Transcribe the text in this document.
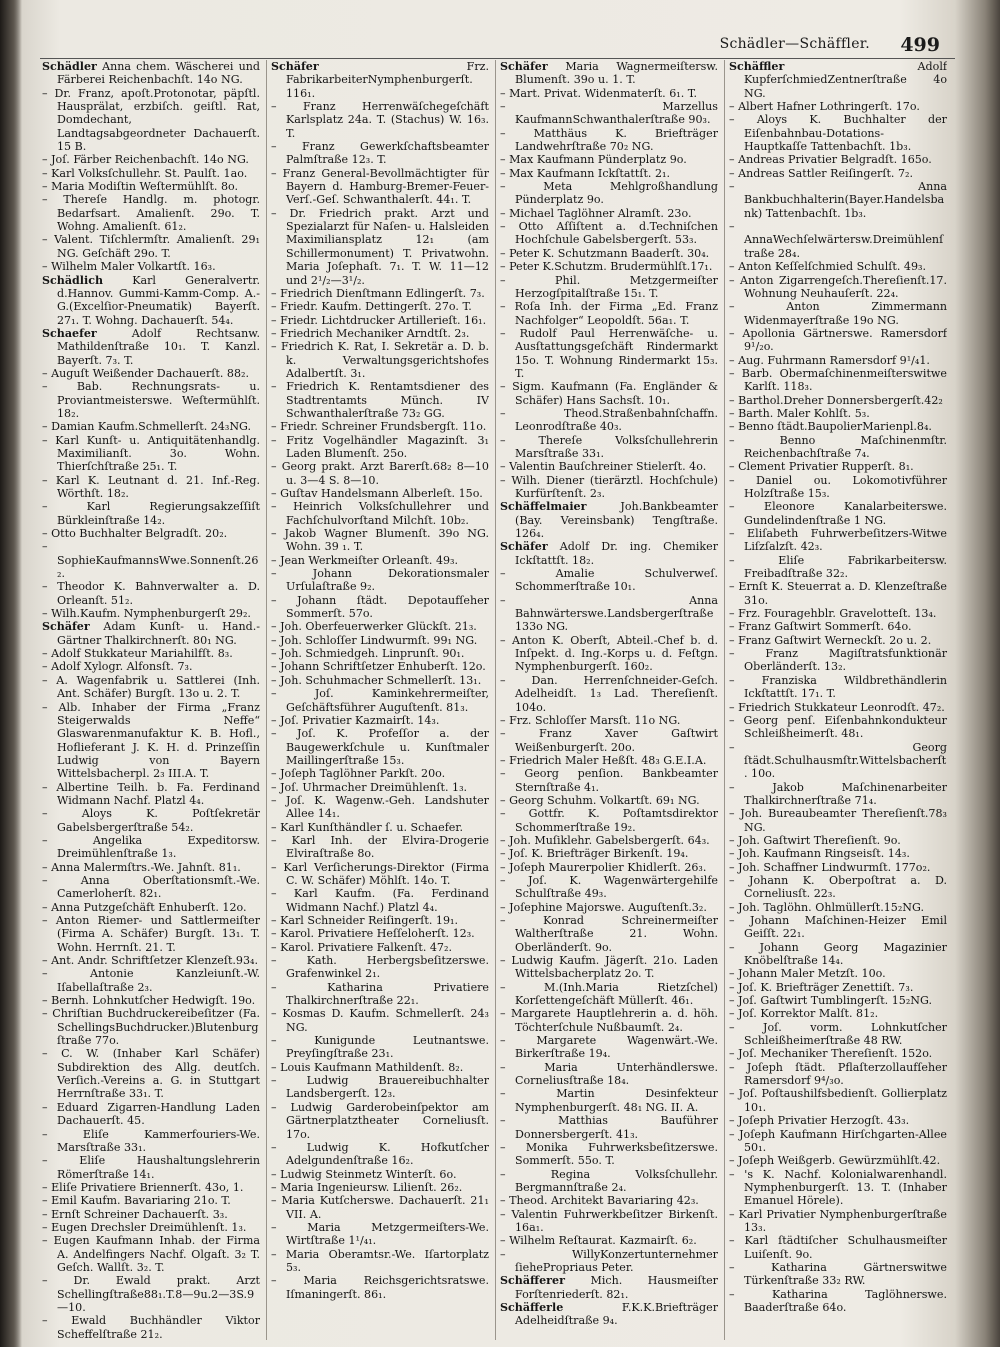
Schädler—Schäffler. 499
Schädler Anna chem. Wäscherei und Färberei Reichenbachſt. 14o NG.
– Dr. Franz, apoſt.Protonotar, päpſtl. Hausprälat, erzbiſch. geiſtl. Rat, Domdechant, Landtagsabgeordneter Dachauerſt. 15 B.
– Joſ. Färber Reichenbachſt. 14o NG.
– Karl Volksſchullehr. St. Paulſt. 1ao.
– Maria Modiſtin Weſtermühlſt. 8o.
– Thereſe Handlg. m. photogr. Bedarfsart. Amalienſt. 29o. T. Wohng. Amalienſt. 61₂.
– Valent. Tiſchlermſtr. Amalienſt. 29₁ NG. Geſchäft 29o. T.
– Wilhelm Maler Volkartſt. 16₃.
Schädlich Karl Generalvertr. d.Hannov. Gummi-Kamm-Comp. A.-G.(Excelſior-Pneumatik) Bayerſt. 27₁. T. Wohng. Dachauerſt. 54₄.
Schaefer Adolf Rechtsanw. Mathildenſtraße 10₁. T. Kanzl. Bayerſt. 7₃. T.
– Auguſt Weißender Dachauerſt. 88₂.
– Bab. Rechnungsrats- u. Proviantmeisterswe. Weſtermühlſt. 18₂.
– Damian Kaufm.Schmellerſt. 24₃NG.
– Karl Kunſt- u. Antiquitätenhandlg. Maximilianſt. 3o. Wohn. Thierſchſtraße 25₁. T.
– Karl K. Leutnant d. 21. Inf.-Reg. Wörthſt. 18₂.
– Karl Regierungsakzeſſiſt Bürkleinſtraße 14₂.
– Otto Buchhalter Belgradſt. 20₂.
– SophieKaufmannsWwe.Sonnenſt.26₂.
– Theodor K. Bahnverwalter a. D. Orleanſt. 51₂.
– Wilh.Kaufm. Nymphenburgerſt 29₂.
Schäfer Adam Kunſt- u. Hand.-Gärtner Thalkirchnerſt. 80₁ NG.
– Adolf Stukkateur Mariahilfſt. 8₃.
– Adolf Xylogr. Alfonsſt. 7₃.
– A. Wagenfabrik u. Sattlerei (Inh. Ant. Schäfer) Burgſt. 13o u. 2. T.
– Alb. Inhaber der Firma „Franz Steigerwalds Neffe“ Glaswarenmanufaktur K. B. Hofl., Hoflieferant J. K. H. d. Prinzeſſin Ludwig von Bayern Wittelsbacherpl. 2₃ III.A. T.
– Albertine Teilh. b. Fa. Ferdinand Widmann Nachf. Platzl 4₄.
– Aloys K. Poſtſekretär Gabelsbergerſtraße 54₂.
– Angelika Expeditorsw. Dreimühlenſtraße 1₃.
– Anna Malermſtrs.-We. Jahnſt. 81₁.
– Anna Oberſtationsmſt.-We. Camerloherſt. 82₁.
– Anna Putzgeſchäft Enhuberſt. 12o.
– Anton Riemer- und Sattlermeiſter (Firma A. Schäfer) Burgſt. 13₁. T. Wohn. Herrnſt. 21. T.
– Ant. Andr. Schriftſetzer Klenzeſt.93₄.
– Antonie Kanzleiunſt.-W. Iſabellaſtraße 2₃.
– Bernh. Lohnkutſcher Hedwigſt. 19o.
– Chriſtian Buchdruckereibeſitzer (Fa. SchellingsBuchdrucker.)Blutenburgſtraße 77o.
– C. W. (Inhaber Karl Schäfer) Subdirektion des Allg. deutſch. Verſich.-Vereins a. G. in Stuttgart Herrnſtraße 33₁. T.
– Eduard Zigarren-Handlung Laden Dachauerſt. 45.
– Eliſe Kammerfouriers-We. Marsſtraße 33₁.
– Eliſe Haushaltungslehrerin Römerſtraße 14₁.
– Eliſe Privatiere Briennerſt. 43o, 1.
– Emil Kaufm. Bavariaring 21o. T.
– Ernſt Schreiner Dachauerſt. 3₃.
– Eugen Drechsler Dreimühlenſt. 1₃.
– Eugen Kaufmann Inhab. der Firma A. Andelfingers Nachf. Olgaſt. 3₂ T. Geſch. Wallſt. 3₂. T.
– Dr. Ewald prakt. Arzt Schellingſtraße88₁.T.8—9u.2—3S.9—10.
– Ewald Buchhändler Viktor Scheffelſtraße 21₂.
Schäfer Frz. FabrikarbeiterNymphenburgerſt. 116₁.
– Franz Herrenwäſchegeſchäft Karlsplatz 24a. T. (Stachus) W. 16₃. T.
– Franz Gewerkſchaftsbeamter Palmſtraße 12₃. T.
– Franz General-Bevollmächtigter für Bayern d. Hamburg-Bremer-Feuer-Verſ.-Geſ. Schwanthalerſt. 44₁. T.
– Dr. Friedrich prakt. Arzt und Spezialarzt für Naſen- u. Halsleiden Maximiliansplatz 12₁ (am Schillermonument) T. Privatwohn. Maria Joſephaſt. 7₁. T. W. 11—12 und 2¹/₂—3¹/₂.
– Friedrich Dienſtmann Edlingerſt. 7₃.
– Friedr. Kaufm. Dettingerſt. 27o. T.
– Friedr. Lichtdrucker Artillerieſt. 16₁.
– Friedrich Mechaniker Arndtſt. 2₃.
– Friedrich K. Rat, I. Sekretär a. D. b. k. Verwaltungsgerichtshofes Adalbertſt. 3₁.
– Friedrich K. Rentamtsdiener des Stadtrentamts Münch. IV Schwanthalerſtraße 73₂ GG.
– Friedr. Schreiner Frundsbergſt. 11o.
– Fritz Vogelhändler Magazinſt. 3₁ Laden Blumenſt. 25o.
– Georg prakt. Arzt Barerſt.68₂ 8—10 u. 3—4 S. 8—10.
– Guſtav Handelsmann Alberleſt. 15o.
– Heinrich Volksſchullehrer und Fachſchulvorſtand Milchſt. 10b₂.
– Jakob Wagner Blumenſt. 39o NG. Wohn. 39 ₁. T.
– Jean Werkmeiſter Orleanſt. 49₃.
– Johann Dekorationsmaler Urſulaſtraße 9₂.
– Johann ſtädt. Depotaufſeher Sommerſt. 57o.
– Joh. Oberfeuerwerker Glückſt. 21₃.
– Joh. Schloſſer Lindwurmſt. 99₁ NG.
– Joh. Schmiedgeh. Linprunſt. 90₁.
– Johann Schriftſetzer Enhuberſt. 12o.
– Joh. Schuhmacher Schmellerſt. 13₁.
– Joſ. Kaminkehrermeiſter, Geſchäftsführer Auguſtenſt. 81₃.
– Joſ. Privatier Kazmairſt. 14₃.
– Joſ. K. Profeſſor a. der Baugewerkſchule u. Kunſtmaler Maillingerſtraße 15₃.
– Joſeph Taglöhner Parkſt. 20o.
– Joſ. Uhrmacher Dreimühlenſt. 1₃.
– Joſ. K. Wagenw.-Geh. Landshuter Allee 14₁.
– Karl Kunſthändler ſ. u. Schaefer.
– Karl Inh. der Elvira-Drogerie Elviraſtraße 8o.
– Karl Verſicherungs-Direktor (Firma C. W. Schäfer) Möhlſt. 14o. T.
– Karl Kaufm. (Fa. Ferdinand Widmann Nachf.) Platzl 4₄.
– Karl Schneider Reiſingerſt. 19₁.
– Karol. Privatiere Heſſeloherſt. 12₃.
– Karol. Privatiere Falkenſt. 47₂.
– Kath. Herbergsbeſitzerswe. Grafenwinkel 2₁.
– Katharina Privatiere Thalkirchnerſtraße 22₁.
– Kosmas D. Kaufm. Schmellerſt. 24₃ NG.
– Kunigunde Leutnantswe. Preyſingſtraße 23₁.
– Louis Kaufmann Mathildenſt. 8₂.
– Ludwig Brauereibuchhalter Landsbergerſt. 12₃.
– Ludwig Garderobeinſpektor am Gärtnerplatztheater Corneliusſt. 17o.
– Ludwig K. Hofkutſcher Adelgundenſtraße 16₂.
– Ludwig Steinmetz Winterſt. 6o.
– Maria Ingenieursw. Lilienſt. 26₂.
– Maria Kutſcherswe. Dachauerſt. 21₁ VII. A.
– Maria Metzgermeiſters-We. Wirtſtraße 1¹/₄₁.
– Maria Oberamtsr.-We. Iſartorplatz 5₃.
– Maria Reichsgerichtsratswe. Iſmaningerſt. 86₁.
Schäfer Maria Wagnermeiſtersw. Blumenſt. 39o u. 1. T.
– Mart. Privat. Widenmaterſt. 6₁. T.
– Marzellus KaufmannSchwanthalerſtraße 90₃.
– Matthäus K. Briefträger Landwehrſtraße 70₂ NG.
– Max Kaufmann Pünderplatz 9o.
– Max Kaufmann Ickſtattſt. 2₁.
– Meta Mehlgroßhandlung Pünderplatz 9o.
– Michael Taglöhner Alramſt. 23o.
– Otto Aſſiſtent a. d.Techniſchen Hochſchule Gabelsbergerſt. 53₃.
– Peter K. Schutzmann Baaderſt. 30₄.
– Peter K.Schutzm. Brudermühlſt.17₁.
– Phil. Metzgermeiſter Herzogſpitalſtraße 15₁. T.
– Roſa Inh. der Firma „Ed. Franz Nachfolger“ Leopoldſt. 56a₁. T.
– Rudolf Paul Herrenwäſche- u. Ausſtattungsgeſchäft Rindermarkt 15o. T. Wohnung Rindermarkt 15₃. T.
– Sigm. Kaufmann (Fa. Engländer & Schäfer) Hans Sachsſt. 10₁.
– Theod.Straßenbahnſchaffn. Leonrodſtraße 40₃.
– Thereſe Volksſchullehrerin Marsſtraße 33₁.
– Valentin Bauſchreiner Stielerſt. 4o.
– Wilh. Diener (tierärztl. Hochſchule) Kurfürſtenſt. 2₃.
Schäffelmaier Joh.Bankbeamter (Bay. Vereinsbank) Tengſtraße. 126₄.
Schäfer Adolf Dr. ing. Chemiker Ickſtattſt. 18₂.
– Amalie Schulverweſ. Schommerſtraße 10₁.
– Anna Bahnwärterswe.Landsbergerſtraße 133o NG.
– Anton K. Oberſt, Abteil.-Chef b. d. Inſpekt. d. Ing.-Korps u. d. Feſtgn. Nymphenburgerſt. 160₂.
– Dan. Herrenſchneider-Geſch. Adelheidſt. 1₃ Lad. Thereſienſt. 104o.
– Frz. Schloſſer Marsſt. 11o NG.
– Franz Xaver Gaſtwirt Weißenburgerſt. 20o.
– Friedrich Maler Heßſt. 48₃ G.E.I.A.
– Georg penſion. Bankbeamter Sternſtraße 4₁.
– Georg Schuhm. Volkartſt. 69₁ NG.
– Gottfr. K. Poſtamtsdirektor Schommerſtraße 19₂.
– Joh. Muſiklehr. Gabelsbergerſt. 64₃.
– Joſ. K. Briefträger Birkenſt. 19₄.
– Joſeph Maurerpolier Khidlerſt. 26₃.
– Joſ. K. Wagenwärtergehilfe Schulſtraße 49₃.
– Joſephine Majorswe. Auguſtenſt.3₂.
– Konrad Schreinermeiſter Waltherſtraße 21. Wohn. Oberländerſt. 9o.
– Ludwig Kaufm. Jägerſt. 21o. Laden Wittelsbacherplatz 2o. T.
– M.(Inh.Maria Rietzſchel) Korſettengeſchäft Müllerſt. 46₁.
– Margarete Hauptlehrerin a. d. höh. Töchterſchule Nußbaumſt. 2₄.
– Margarete Wagenwärt.-We. Birkerſtraße 19₄.
– Maria Unterhändlerswe. Corneliusſtraße 18₄.
– Martin Desinfekteur Nymphenburgerſt. 48₁ NG. II. A.
– Matthias Bauführer Donnersbergerſt. 41₃.
– Monika Fuhrwerksbeſitzerswe. Sommerſt. 55o. T.
– Regina Volksſchullehr. Bergmannſtraße 2₄.
– Theod. Architekt Bavariaring 42₃.
– Valentin Fuhrwerkbeſitzer Birkenſt. 16a₁.
– Wilhelm Reſtaurat. Kazmairſt. 6₂.
– WillyKonzertunternehmer ſiehePropriaus Peter.
Schäfferer Mich. Hausmeiſter Forſtenriederſt. 82₁.
Schäfferle F.K.K.Briefträger Adelheidſtraße 9₄.
Schäffler Adolf KupferſchmiedZentnerſtraße 4o NG.
– Albert Hafner Lothringerſt. 17o.
– Aloys K. Buchhalter der Eiſenbahnbau-Dotations-Hauptkaſſe Tattenbachſt. 1b₃.
– Andreas Privatier Belgradſt. 165o.
– Andreas Sattler Reiſingerſt. 7₂.
– Anna Bankbuchhalterin(Bayer.Handelsbank) Tattenbachſt. 1b₃.
– AnnaWechſelwärtersw.Dreimühlenſtraße 28₄.
– Anton Keſſelſchmied Schulſt. 49₃.
– Anton Zigarrengeſch.Thereſienſt.17. Wohnung Neuhauſerſt. 22₄.
– Anton Zimmermann Widenmayerſtraße 19o NG.
– Apollonia Gärtnerswe. Ramersdorf 9¹/₂o.
– Aug. Fuhrmann Ramersdorf 9¹/₄1.
– Barb. Obermaſchinenmeiſterswitwe Karlſt. 118₃.
– Barthol.Dreher Donnersbergerſt.42₂
– Barth. Maler Kohlſt. 5₃.
– Benno ſtädt.BaupolierMarienpl.8₄.
– Benno Maſchinenmſtr. Reichenbachſtraße 7₄.
– Clement Privatier Rupperſt. 8₁.
– Daniel ou. Lokomotivführer Holzſtraße 15₃.
– Eleonore Kanalarbeiterswe. Gundelindenſtraße 1 NG.
– Eliſabeth Fuhrwerbeſitzers-Witwe Liſzſalzſt. 42₃.
– Eliſe Fabrikarbeitersw. Freibadſtraße 32₂.
– Ernſt K. Steuerrat a. D. Klenzeſtraße 31o.
– Frz. Fouragehblr. Gravelotteſt. 13₄.
– Franz Gaſtwirt Sommerſt. 64o.
– Franz Gaſtwirt Werneckſt. 2o u. 2.
– Franz Magiſtratsfunktionär Oberländerſt. 13₂.
– Franziska Wildbrethändlerin Ickſtattſt. 17₁. T.
– Friedrich Stukkateur Leonrodſt. 47₂.
– Georg penſ. Eiſenbahnkondukteur Schleißheimerſt. 48₁.
– Georg ſtädt.Schulhausmſtr.Wittelsbacherſt. 10o.
– Jakob Maſchinenarbeiter Thalkirchnerſtraße 71₄.
– Joh. Bureaubeamter Thereſienſt.78₃ NG.
– Joh. Gaſtwirt Thereſienſt. 9o.
– Joh. Kaufmann Ringseisſt. 14₃.
– Joh. Schaffner Lindwurmſt. 177o₂.
– Johann K. Oberpoſtrat a. D. Corneliusſt. 22₃.
– Joh. Taglöhn. Ohlmüllerſt.15₂NG.
– Johann Maſchinen-Heizer Emil Geiſſt. 22₁.
– Johann Georg Magazinier Knöbelſtraße 14₄.
– Johann Maler Metzſt. 10o.
– Joſ. K. Briefträger Zenettiſt. 7₃.
– Joſ. Gaſtwirt Tumblingerſt. 15₂NG.
– Joſ. Korrektor Malſt. 81₂.
– Joſ. vorm. Lohnkutſcher Schleißheimerſtraße 48 RW.
– Joſ. Mechaniker Thereſienſt. 152o.
– Joſeph ſtädt. Pflaſterzollaufſeher Ramersdorf 9⁴/₃o.
– Joſ. Poſtaushilfsbedienſt. Gollierplatz 10₁.
– Joſeph Privatier Herzogſt. 43₃.
– Joſeph Kaufmann Hirſchgarten-Allee 50₁.
– Joſeph Weißgerb. Gewürzmühlſt.42.
– 's K. Nachf. Kolonialwarenhandl. Nymphenburgerſt. 13. T. (Inhaber Emanuel Hörele).
– Karl Privatier Nymphenburgerſtraße 13₃.
– Karl ſtädtiſcher Schulhausmeiſter Luiſenſt. 9o.
– Katharina Gärtnerswitwe Türkenſtraße 33₂ RW.
– Katharina Taglöhnerswe. Baaderſtraße 64o.
